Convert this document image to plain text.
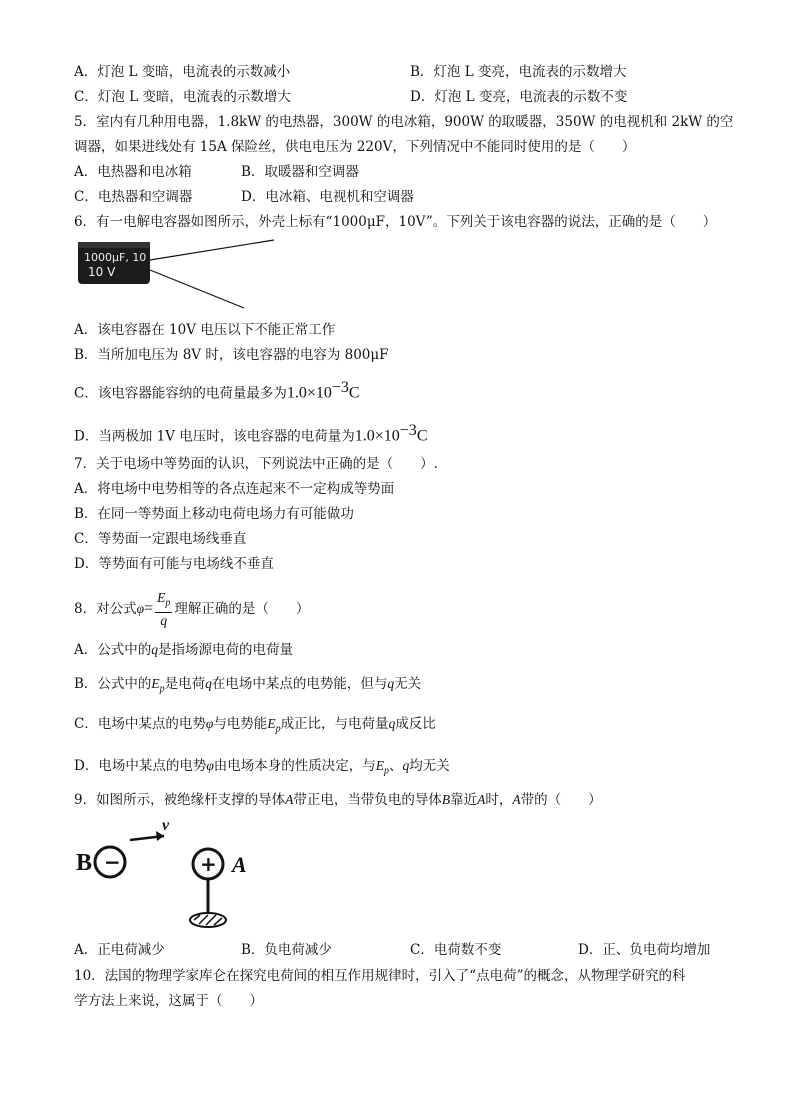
A．灯泡 L 变暗，电流表的示数减小	B．灯泡 L 变亮，电流表的示数增大
C．灯泡 L 变暗，电流表的示数增大	D．灯泡 L 变亮，电流表的示数不变
5．室内有几种用电器，1.8kW 的电热器，300W 的电冰箱，900W 的取暖器，350W 的电视机和 2kW 的空
调器，如果进线处有 15A 保险丝，供电电压为 220V，下列情况中不能同时使用的是（　　）
A．电热器和电冰箱	B．取暖器和空调器
C．电热器和空调器	D．电冰箱、电视机和空调器
6．有一电解电容器如图所示，外壳上标有“1000μF，10V”。下列关于该电容器的说法，正确的是（　　）
1000μF, 10
10 V
A．该电容器在 10V 电压以下不能正常工作
B．当所加电压为 8V 时，该电容器的电容为 800μF
C．该电容器能容纳的电荷量最多为$1.0\times 10^{-3}C$
D．当两极加 1V 电压时，该电容器的电荷量为$1.0\times 10^{-3}C$
7．关于电场中等势面的认识，下列说法中正确的是（　　）.
A．将电场中电势相等的各点连起来不一定构成等势面
B．在同一等势面上移动电荷电场力有可能做功
C．等势面一定跟电场线垂直
D．等势面有可能与电场线不垂直
8．对公式$\varphi= \frac{E_p}{q}$ 理解正确的是（　　）
A．公式中的q是指场源电荷的电荷量
B．公式中的$E_p$是电荷q在电场中某点的电势能，但与q无关
C．电场中某点的电势φ与电势能$E_p$成正比，与电荷量q成反比
D．电场中某点的电势φ由电场本身的性质决定，与$E_p$、q均无关
9．如图所示，被绝缘杆支撑的导体A带正电，当带负电的导体B靠近A时，A带的（　　）
B −
v
+ A
A．正电荷减少	B．负电荷减少	C．电荷数不变	D．正、负电荷均增加
10．法国的物理学家库仑在探究电荷间的相互作用规律时，引入了“点电荷”的概念，从物理学研究的科
学方法上来说，这属于（　　）
